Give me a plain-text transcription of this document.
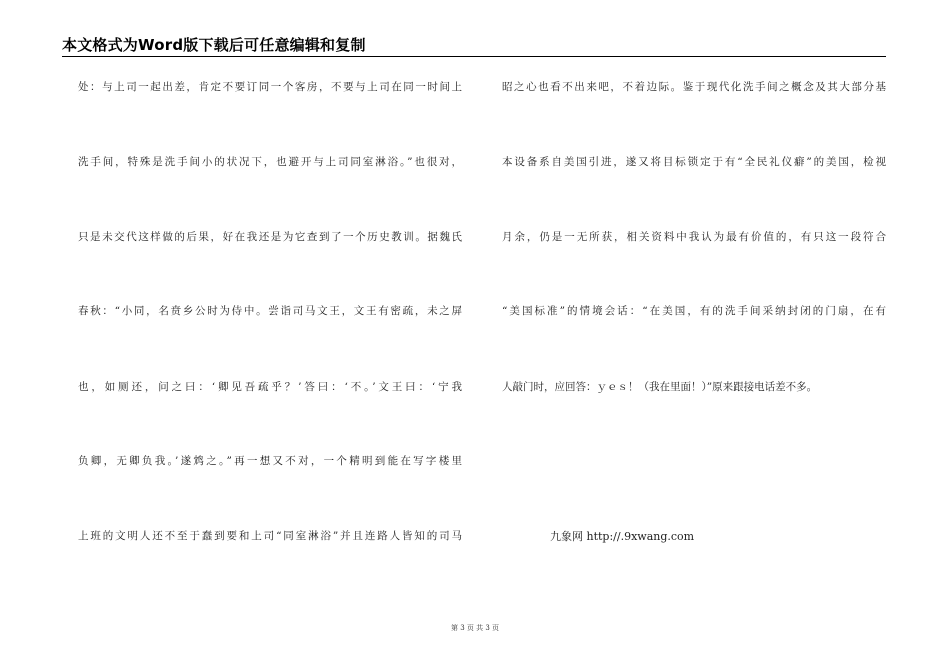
本文格式为Word版下载后可任意编辑和复制
处：与上司一起出差，肯定不要订同一个客房，不要与上司在同一时间上
洗手间，特殊是洗手间小的状况下，也避开与上司同室淋浴。”也很对，
只是未交代这样做的后果，好在我还是为它查到了一个历史教训。据魏氏
春秋：“小同，名贲乡公时为侍中。尝诣司马文王，文王有密疏，未之屏
也，如厕还，问之曰：‘卿见吾疏乎？’答曰：‘不。’文王曰：‘宁我
负卿，无卿负我。’遂鸩之。”再一想又不对，一个精明到能在写字楼里
上班的文明人还不至于蠢到要和上司“同室淋浴”并且连路人皆知的司马
昭之心也看不出来吧，不着边际。鉴于现代化洗手间之概念及其大部分基
本设备系自美国引进，遂又将目标锁定于有“全民礼仪癖”的美国，检视
月余，仍是一无所获，相关资料中我认为最有价值的，有只这一段符合
“美国标准”的情境会话：“在美国，有的洗手间采纳封闭的门扇，在有
人敲门时，应回答：ｙｅｓ！（我在里面！）”原来跟接电话差不多。
九象网 http://.9xwang.com
第 3 页 共 3 页
